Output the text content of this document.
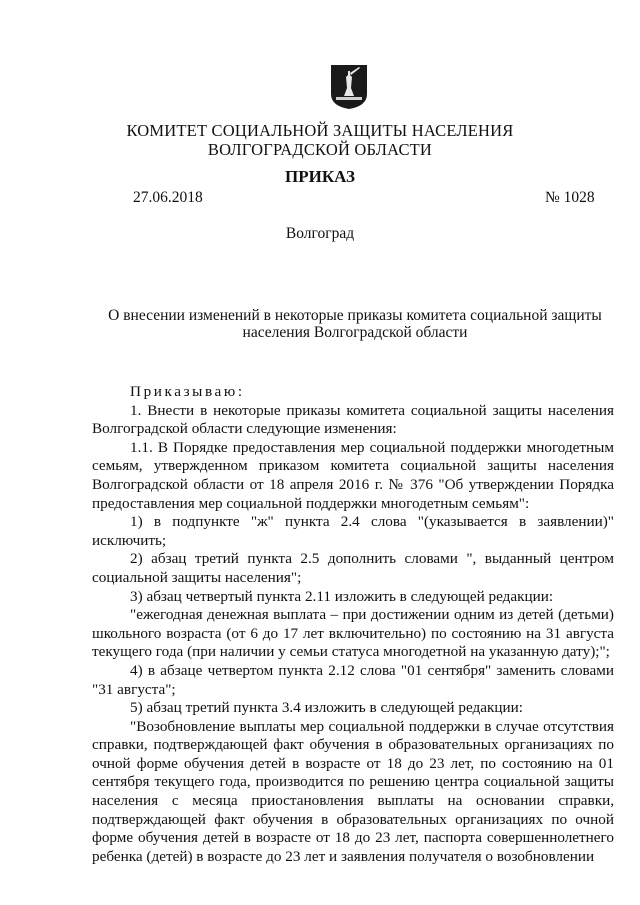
КОМИТЕТ СОЦИАЛЬНОЙ ЗАЩИТЫ НАСЕЛЕНИЯ
ВОЛГОГРАДСКОЙ ОБЛАСТИ
ПРИКАЗ
27.06.2018	№ 1028
Волгоград
О внесении изменений в некоторые приказы комитета социальной защиты населения Волгоградской области

Приказываю:

1. Внести в некоторые приказы комитета социальной защиты населения Волгоградской области следующие изменения:

1.1. В Порядке предоставления мер социальной поддержки многодетным семьям, утвержденном приказом комитета социальной защиты населения Волгоградской области от 18 апреля 2016 г. № 376 "Об утверждении Порядка предоставления мер социальной поддержки многодетным семьям":

1) в подпункте "ж" пункта 2.4 слова "(указывается в заявлении)" исключить;

2) абзац третий пункта 2.5 дополнить словами ", выданный центром социальной защиты населения";

3) абзац четвертый пункта 2.11 изложить в следующей редакции:

"ежегодная денежная выплата – при достижении одним из детей (детьми) школьного возраста (от 6 до 17 лет включительно) по состоянию на 31 августа текущего года (при наличии у семьи статуса многодетной на указанную дату);";

4) в абзаце четвертом пункта 2.12 слова "01 сентября" заменить словами "31 августа";

5) абзац третий пункта 3.4 изложить в следующей редакции:

"Возобновление выплаты мер социальной поддержки в случае отсутствия справки, подтверждающей факт обучения в образовательных организациях по очной форме обучения детей в возрасте от 18 до 23 лет, по состоянию на 01 сентября текущего года, производится по решению центра социальной защиты населения с месяца приостановления выплаты на основании справки, подтверждающей факт обучения в образовательных организациях по очной форме обучения детей в возрасте от 18 до 23 лет, паспорта совершеннолетнего ребенка (детей) в возрасте до 23 лет и заявления получателя о возобновлении
